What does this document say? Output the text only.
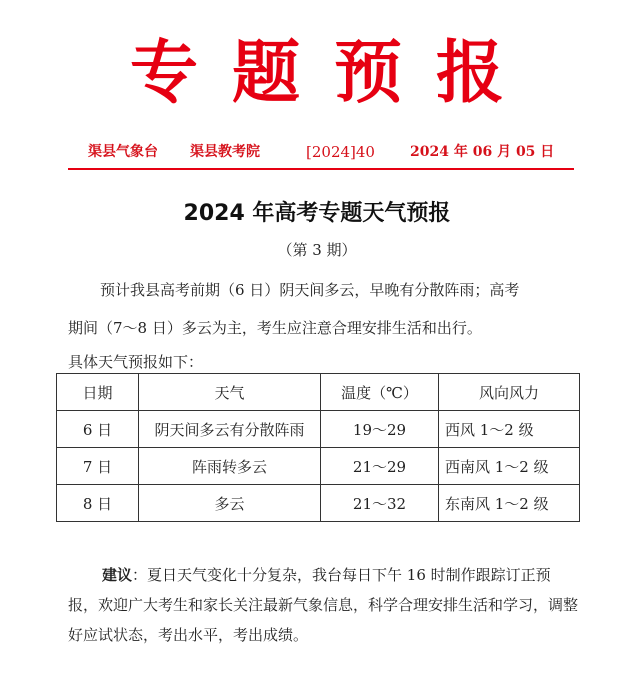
专题预报
渠县气象台 渠县教考院	[2024]40	2024 年 06 月 05 日
2024 年高考专题天气预报
（第 3 期）
预计我县高考前期（6 日）阴天间多云，早晚有分散阵雨；高考
期间（7～8 日）多云为主，考生应注意合理安排生活和出行。
具体天气预报如下：
日期	天气	温度（℃）	风向风力
6 日	阴天间多云有分散阵雨	19～29	西风 1～2 级
7 日	阵雨转多云	21～29	西南风 1～2 级
8 日	多云	21～32	东南风 1～2 级
建议：夏日天气变化十分复杂，我台每日下午 16 时制作跟踪订正预报，欢迎广大考生和家长关注最新气象信息，科学合理安排生活和学习，调整好应试状态，考出水平，考出成绩。
